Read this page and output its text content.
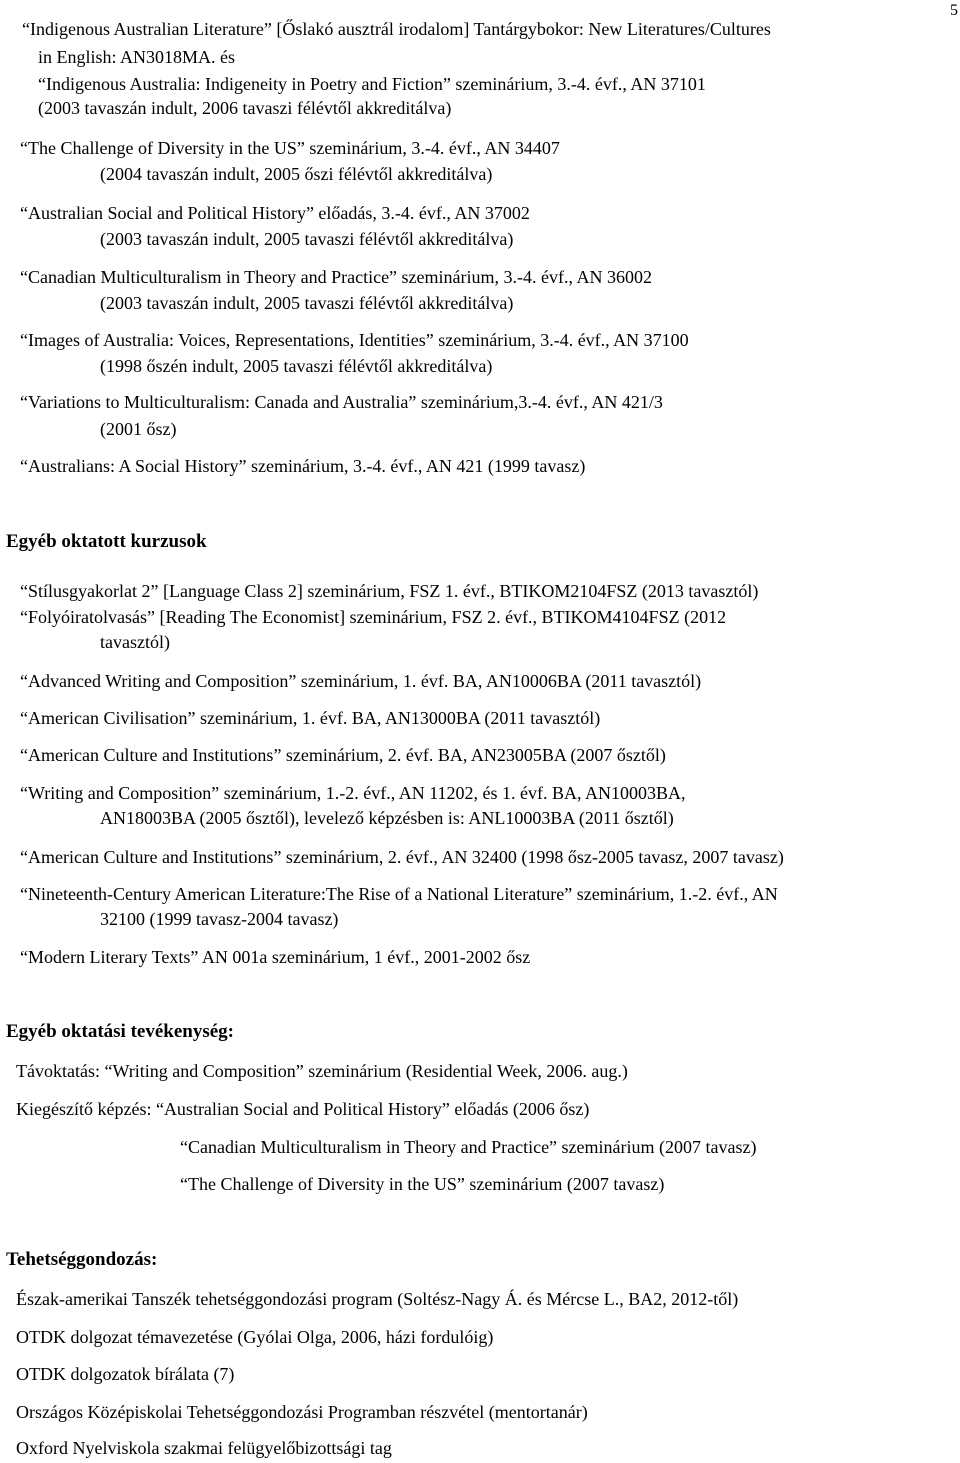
5
“Indigenous Australian Literature” [Őslakó ausztrál irodalom] Tantárgybokor: New Literatures/Cultures
in English: AN3018MA. és
“Indigenous Australia: Indigeneity in Poetry and Fiction” szeminárium, 3.-4. évf., AN 37101
(2003 tavaszán indult, 2006 tavaszi félévtől akkreditálva)
“The Challenge of Diversity in the US” szeminárium, 3.-4. évf., AN 34407
(2004 tavaszán indult, 2005 őszi félévtől akkreditálva)
“Australian Social and Political History” előadás, 3.-4. évf., AN 37002
(2003 tavaszán indult, 2005 tavaszi félévtől akkreditálva)
“Canadian Multiculturalism in Theory and Practice” szeminárium, 3.-4. évf., AN 36002
(2003 tavaszán indult, 2005 tavaszi félévtől akkreditálva)
“Images of Australia: Voices, Representations, Identities” szeminárium, 3.-4. évf., AN 37100
(1998 őszén indult, 2005 tavaszi félévtől akkreditálva)
“Variations to Multiculturalism: Canada and Australia” szeminárium,3.-4. évf., AN 421/3
(2001 ősz)
“Australians: A Social History” szeminárium, 3.-4. évf., AN 421 (1999 tavasz)
Egyéb oktatott kurzusok
“Stílusgyakorlat 2” [Language Class 2] szeminárium, FSZ 1. évf., BTIKOM2104FSZ (2013 tavasztól)
“Folyóiratolvasás” [Reading The Economist] szeminárium, FSZ 2. évf., BTIKOM4104FSZ (2012
tavasztól)
“Advanced Writing and Composition” szeminárium, 1. évf. BA, AN10006BA (2011 tavasztól)
“American Civilisation” szeminárium, 1. évf. BA, AN13000BA (2011 tavasztól)
“American Culture and Institutions” szeminárium, 2. évf. BA, AN23005BA (2007 ősztől)
“Writing and Composition” szeminárium, 1.-2. évf., AN 11202, és 1. évf. BA, AN10003BA,
AN18003BA (2005 ősztől), levelező képzésben is: ANL10003BA (2011 ősztől)
“American Culture and Institutions” szeminárium, 2. évf., AN 32400 (1998 ősz-2005 tavasz, 2007 tavasz)
“Nineteenth-Century American Literature:The Rise of a National Literature” szeminárium, 1.-2. évf., AN
32100 (1999 tavasz-2004 tavasz)
“Modern Literary Texts” AN 001a szeminárium, 1 évf., 2001-2002 ősz
Egyéb oktatási tevékenység:
Távoktatás: “Writing and Composition” szeminárium (Residential Week, 2006. aug.)
Kiegészítő képzés: “Australian Social and Political History” előadás (2006 ősz)
“Canadian Multiculturalism in Theory and Practice” szeminárium (2007 tavasz)
“The Challenge of Diversity in the US” szeminárium (2007 tavasz)
Tehetséggondozás:
Észak-amerikai Tanszék tehetséggondozási program (Soltész-Nagy Á. és Mércse L., BA2, 2012-től)
OTDK dolgozat témavezetése (Gyólai Olga, 2006, házi fordulóig)
OTDK dolgozatok bírálata (7)
Országos Középiskolai Tehetséggondozási Programban részvétel (mentortanár)
Oxford Nyelviskola szakmai felügyelőbizottsági tag
